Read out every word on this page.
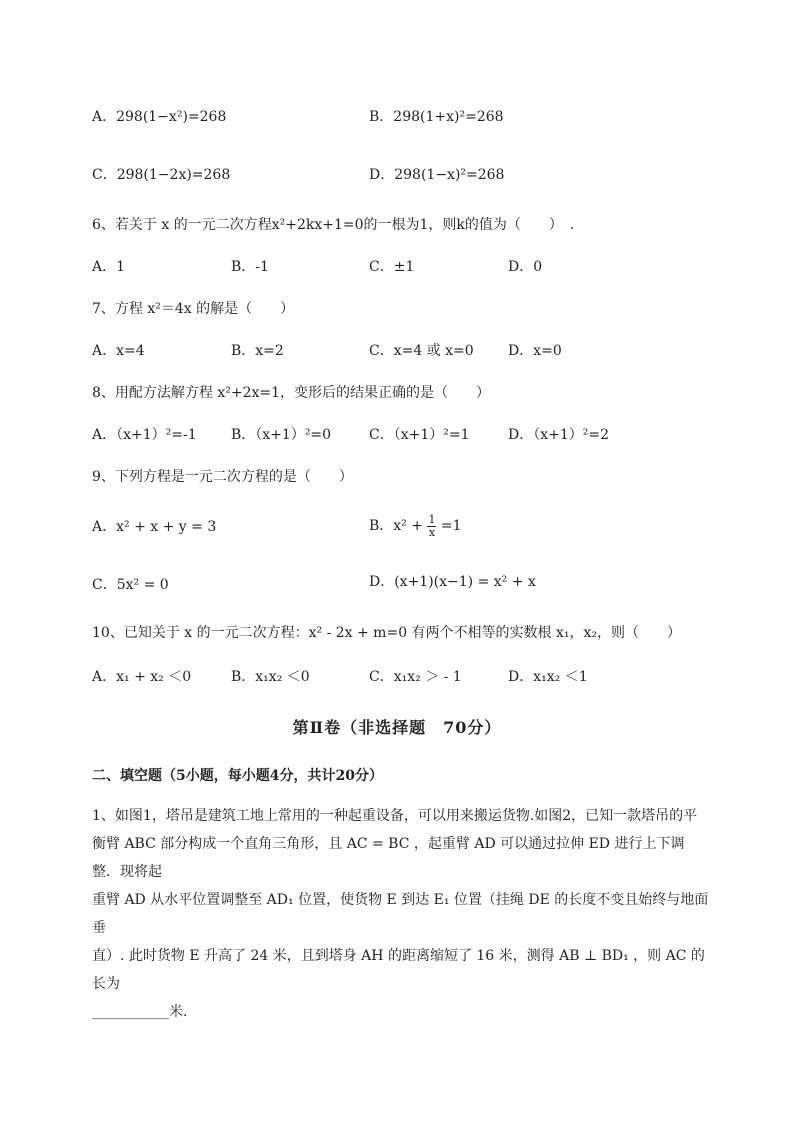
A．298(1−x²)=268	B．298(1+x)²=268
C．298(1−2x)=268	D．298(1−x)²=268
6、若关于 x 的一元二次方程x²+2kx+1=0的一根为1，则k的值为（　　）　.
A．1	B．-1	C．±1	D．0
7、方程 x²＝4x 的解是（　　）
A．x=4	B．x=2	C．x=4 或 x=0 D．x=0
8、用配方法解方程 x²+2x=1，变形后的结果正确的是（　　）
A．（x+1）²=-1 B．（x+1）²=0	C．（x+1）²=1	D．（x+1）²=2
9、下列方程是一元二次方程的是（　　）
A．x² + x + y = 3	B．$x^2 + \frac{1}{x} =1$
C．5x² = 0	D．(x+1)(x−1) = x² + x
10、已知关于 x 的一元二次方程：x² - 2x + m=0 有两个不相等的实数根 x₁，x₂，则（　　）
A．x₁ + x₂ ＜0	B．x₁x₂ ＜0	C．x₁x₂ ＞ - 1	D．x₁x₂ ＜1
第Ⅱ卷（非选择题　70分）
二、填空题（5小题，每小题4分，共计20分）
1、如图1，塔吊是建筑工地上常用的一种起重设备，可以用来搬运货物.如图2，已知一款塔吊的平
衡臂 ABC 部分构成一个直角三角形，且 AC = BC ，起重臂 AD 可以通过拉伸 ED 进行上下调整．现将起
重臂 AD 从水平位置调整至 AD₁ 位置，使货物 E 到达 E₁ 位置（挂绳 DE 的长度不变且始终与地面垂
直）. 此时货物 E 升高了 24 米，且到塔身 AH 的距离缩短了 16 米，测得 AB ⊥ BD₁ ，则 AC 的长为
___________米.
